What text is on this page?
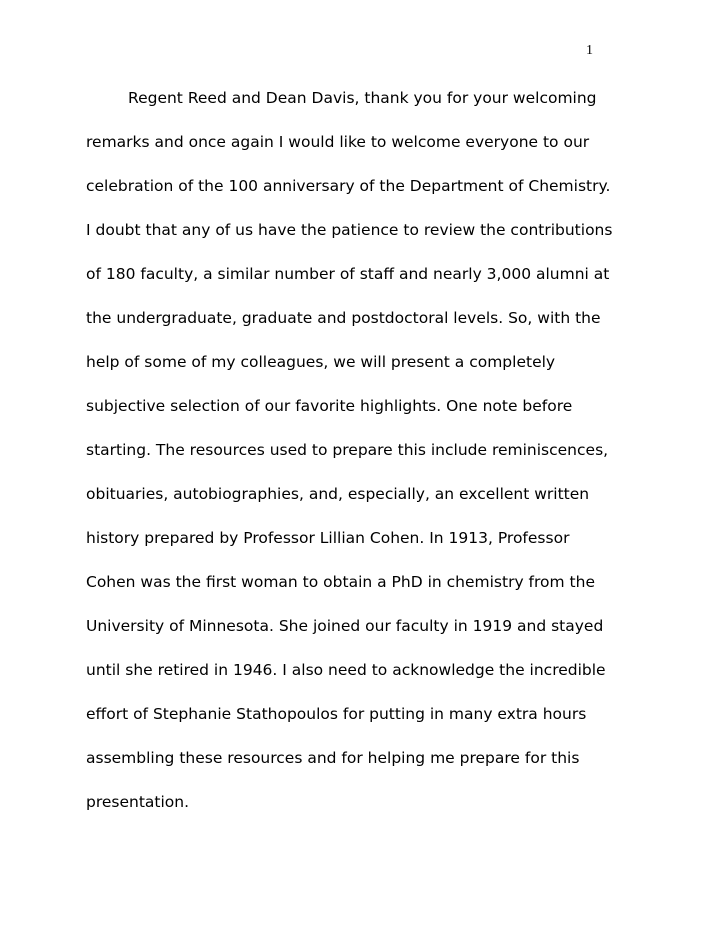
1
Regent Reed and Dean Davis, thank you for your welcoming
remarks and once again I would like to welcome everyone to our
celebration of the 100 anniversary of the Department of Chemistry.
I doubt that any of us have the patience to review the contributions
of 180 faculty, a similar number of staff and nearly 3,000 alumni at
the undergraduate, graduate and postdoctoral levels. So, with the
help of some of my colleagues, we will present a completely
subjective selection of our favorite highlights. One note before
starting. The resources used to prepare this include reminiscences,
obituaries, autobiographies, and, especially, an excellent written
history prepared by Professor Lillian Cohen. In 1913, Professor
Cohen was the first woman to obtain a PhD in chemistry from the
University of Minnesota. She joined our faculty in 1919 and stayed
until she retired in 1946. I also need to acknowledge the incredible
effort of Stephanie Stathopoulos for putting in many extra hours
assembling these resources and for helping me prepare for this
presentation.
